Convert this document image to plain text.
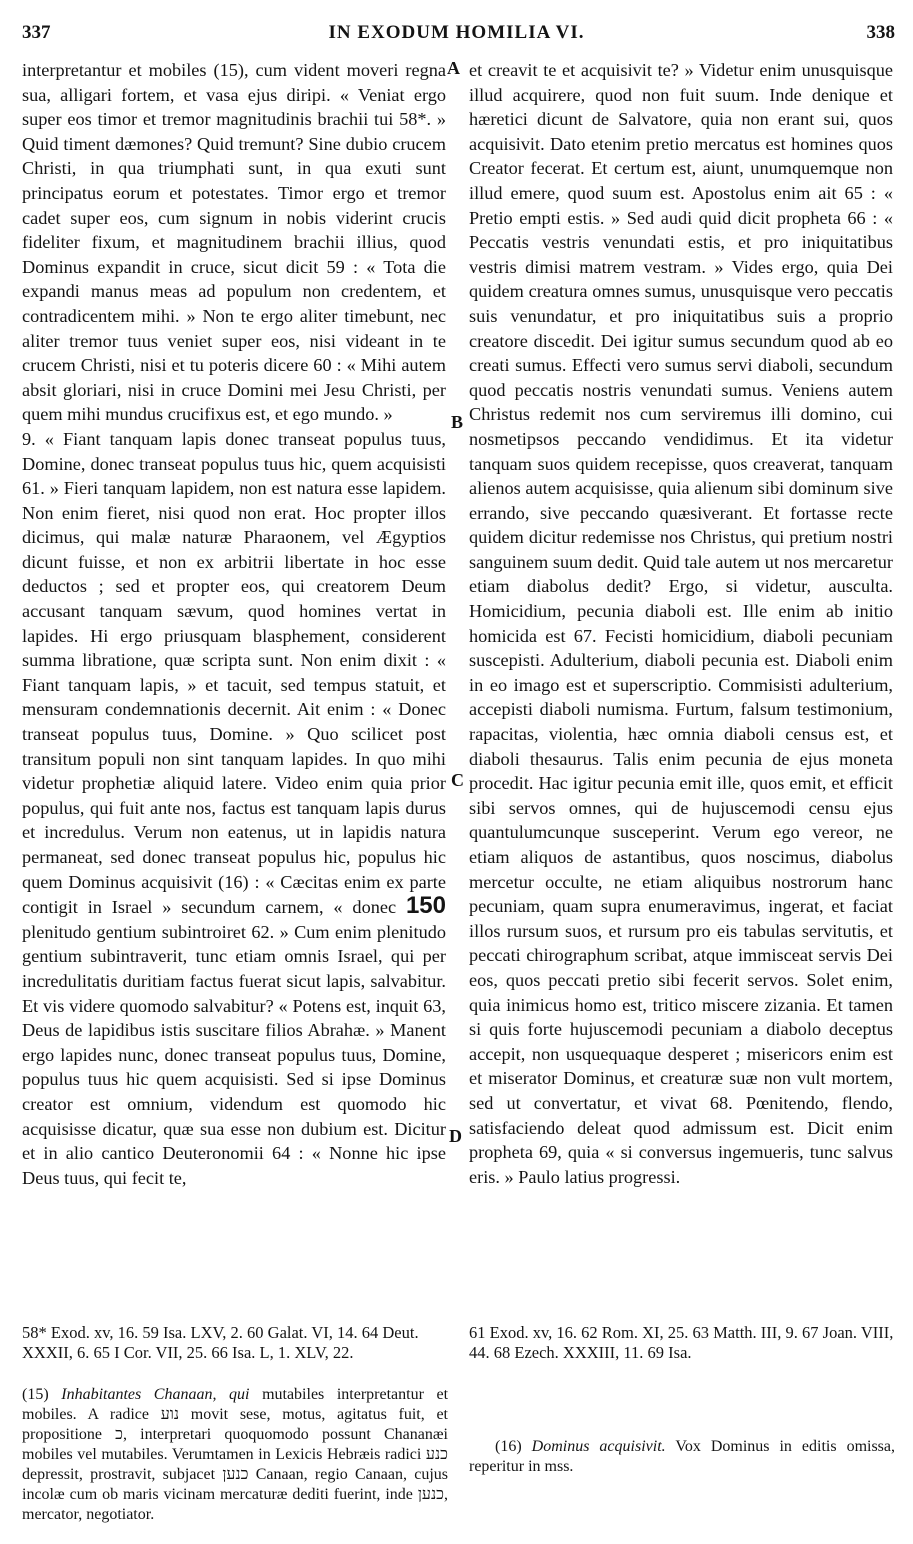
337	IN EXODUM HOMILIA VI.	338
A
B
C
D

interpretantur et mobiles (15), cum vident moveri regna sua, alligari fortem, et vasa ejus diripi. « Veniat ergo super eos timor et tremor magnitudinis brachii tui 58*. » Quid timent dæmones? Quid tremunt? Sine dubio crucem Christi, in qua triumphati sunt, in qua exuti sunt principatus eorum et potestates. Timor ergo et tremor cadet super eos, cum signum in nobis viderint crucis fideliter fixum, et magnitudinem brachii illius, quod Dominus expandit in cruce, sicut dicit 59 : « Tota die expandi manus meas ad populum non credentem, et contradicentem mihi. » Non te ergo aliter timebunt, nec aliter tremor tuus veniet super eos, nisi videant in te crucem Christi, nisi et tu poteris dicere 60 : « Mihi autem absit gloriari, nisi in cruce Domini mei Jesu Christi, per quem mihi mundus crucifixus est, et ego mundo. »

9. « Fiant tanquam lapis donec transeat populus tuus, Domine, donec transeat populus tuus hic, quem acquisisti 61. » Fieri tanquam lapidem, non est natura esse lapidem. Non enim fieret, nisi quod non erat. Hoc propter illos dicimus, qui malæ naturæ Pharaonem, vel Ægyptios dicunt fuisse, et non ex arbitrii libertate in hoc esse deductos ; sed et propter eos, qui creatorem Deum accusant tanquam sævum, quod homines vertat in lapides. Hi ergo priusquam blasphement, considerent summa libratione, quæ scripta sunt. Non enim dixit : « Fiant tanquam lapis, » et tacuit, sed tempus statuit, et mensuram condemnationis decernit. Ait enim : « Donec transeat populus tuus, Domine. » Quo scilicet post transitum populi non sint tanquam lapides. In quo mihi videtur prophetiæ aliquid latere. Video enim quia prior populus, qui fuit ante nos, factus est tanquam lapis durus et incredulus. Verum non eatenus, ut in lapidis natura permaneat, sed donec transeat populus hic, populus hic quem Dominus acquisivit (16) : « Cæcitas enim ex parte contigit in Israel » secundum carnem, « donec 150 plenitudo gentium subintroiret 62. » Cum enim plenitudo gentium subintraverit, tunc etiam omnis Israel, qui per incredulitatis duritiam factus fuerat sicut lapis, salvabitur. Et vis videre quomodo salvabitur? « Potens est, inquit 63, Deus de lapidibus istis suscitare filios Abrahæ. » Manent ergo lapides nunc, donec transeat populus tuus, Domine, populus tuus hic quem acquisisti. Sed si ipse Dominus creator est omnium, videndum est quomodo hic acquisisse dicatur, quæ sua esse non dubium est. Dicitur et in alio cantico Deuteronomii 64 : « Nonne hic ipse Deus tuus, qui fecit te,

et creavit te et acquisivit te? » Videtur enim unusquisque illud acquirere, quod non fuit suum. Inde denique et hæretici dicunt de Salvatore, quia non erant sui, quos acquisivit. Dato etenim pretio mercatus est homines quos Creator fecerat. Et certum est, aiunt, unumquemque non illud emere, quod suum est. Apostolus enim ait 65 : « Pretio empti estis. » Sed audi quid dicit propheta 66 : « Peccatis vestris venundati estis, et pro iniquitatibus vestris dimisi matrem vestram. » Vides ergo, quia Dei quidem creatura omnes sumus, unusquisque vero peccatis suis venundatur, et pro iniquitatibus suis a proprio creatore discedit. Dei igitur sumus secundum quod ab eo creati sumus. Effecti vero sumus servi diaboli, secundum quod peccatis nostris venundati sumus. Veniens autem Christus redemit nos cum serviremus illi domino, cui nosmetipsos peccando vendidimus. Et ita videtur tanquam suos quidem recepisse, quos creaverat, tanquam alienos autem acquisisse, quia alienum sibi dominum sive errando, sive peccando quæsiverant. Et fortasse recte quidem dicitur redemisse nos Christus, qui pretium nostri sanguinem suum dedit. Quid tale autem ut nos mercaretur etiam diabolus dedit? Ergo, si videtur, ausculta. Homicidium, pecunia diaboli est. Ille enim ab initio homicida est 67. Fecisti homicidium, diaboli pecuniam suscepisti. Adulterium, diaboli pecunia est. Diaboli enim in eo imago est et superscriptio. Commisisti adulterium, accepisti diaboli numisma. Furtum, falsum testimonium, rapacitas, violentia, hæc omnia diaboli census est, et diaboli thesaurus. Talis enim pecunia de ejus moneta procedit. Hac igitur pecunia emit ille, quos emit, et efficit sibi servos omnes, qui de hujuscemodi censu ejus quantulumcunque susceperint. Verum ego vereor, ne etiam aliquos de astantibus, quos noscimus, diabolus mercetur occulte, ne etiam aliquibus nostrorum hanc pecuniam, quam supra enumeravimus, ingerat, et faciat illos rursum suos, et rursum pro eis tabulas servitutis, et peccati chirographum scribat, atque immisceat servis Dei eos, quos peccati pretio sibi fecerit servos. Solet enim, quia inimicus homo est, tritico miscere zizania. Et tamen si quis forte hujuscemodi pecuniam a diabolo deceptus accepit, non usquequaque desperet ; misericors enim est et miserator Dominus, et creaturæ suæ non vult mortem, sed ut convertatur, et vivat 68. Pœnitendo, flendo, satisfaciendo deleat quod admissum est. Dicit enim propheta 69, quia « si conversus ingemueris, tunc salvus eris. » Paulo latius progressi.

58* Exod. xv, 16. 59 Isa. LXV, 2. 60 Galat. VI, 14. 64 Deut. XXXII, 6. 65 I Cor. VII, 25. 66 Isa. L, 1. XLV, 22.
61 Exod. xv, 16. 62 Rom. XI, 25. 63 Matth. III, 9. 67 Joan. VIII, 44. 68 Ezech. XXXIII, 11. 69 Isa.

(15) Inhabitantes Chanaan, qui mutabiles interpretantur et mobiles. A radice נוע movit sese, motus, agitatus fuit, et propositione כ, interpretari quoquomodo possunt Chananæi mobiles vel mutabiles. Verumtamen in Lexicis Hebræis radici כנע depressit, prostravit, subjacet כנען Canaan, regio Canaan, cujus incolæ cum ob maris vicinam mercaturæ dediti fuerint, inde כנען, mercator, negotiator.

(16) Dominus acquisivit. Vox Dominus in editis omissa, reperitur in mss.
